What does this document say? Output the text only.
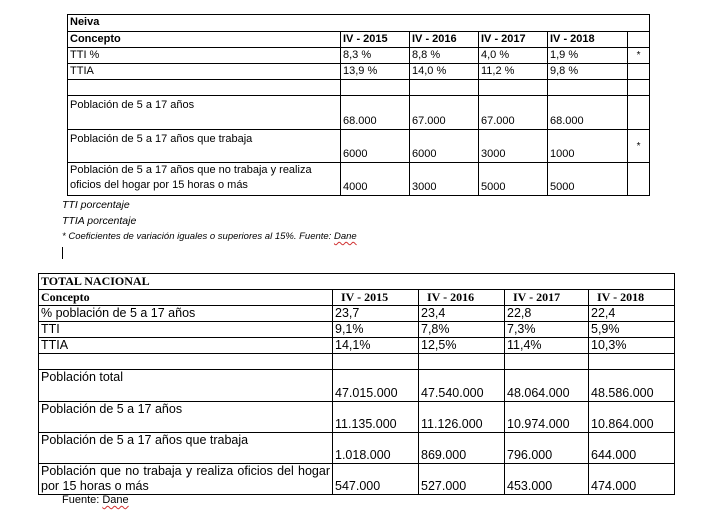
Neiva					
Concepto	IV - 2015	IV - 2016	IV - 2017	IV - 2018	
TTI %	8,3 %	8,8 %	4,0 %	1,9 %	*
TTIA	13,9 %	14,0 %	11,2 %	9,8 %	

Población de 5 a 17 años	68.000	67.000	67.000	68.000	
Población de 5 a 17 años que trabaja	6000	6000	3000	1000	*
Población de 5 a 17 años que no trabaja y realiza oficios del hogar por 15 horas o más	4000	3000	5000	5000	
TTI porcentaje
TTIA porcentaje
* Coeficientes de variación iguales o superiores al 15%. Fuente: Dane
TOTAL NACIONAL				
Concepto	IV - 2015	IV - 2016	IV - 2017	IV - 2018
% población de 5 a 17 años	23,7	23,4	22,8	22,4
TTI	9,1%	7,8%	7,3%	5,9%
TTIA	14,1%	12,5%	11,4%	10,3%

Población total	47.015.000	47.540.000	48.064.000	48.586.000
Población de 5 a 17 años	11.135.000	11.126.000	10.974.000	10.864.000
Población de 5 a 17 años que trabaja	1.018.000	869.000	796.000	644.000
Población que no trabaja y realiza oficios del hogar por 15 horas o más	547.000	527.000	453.000	474.000
Fuente: Dane
